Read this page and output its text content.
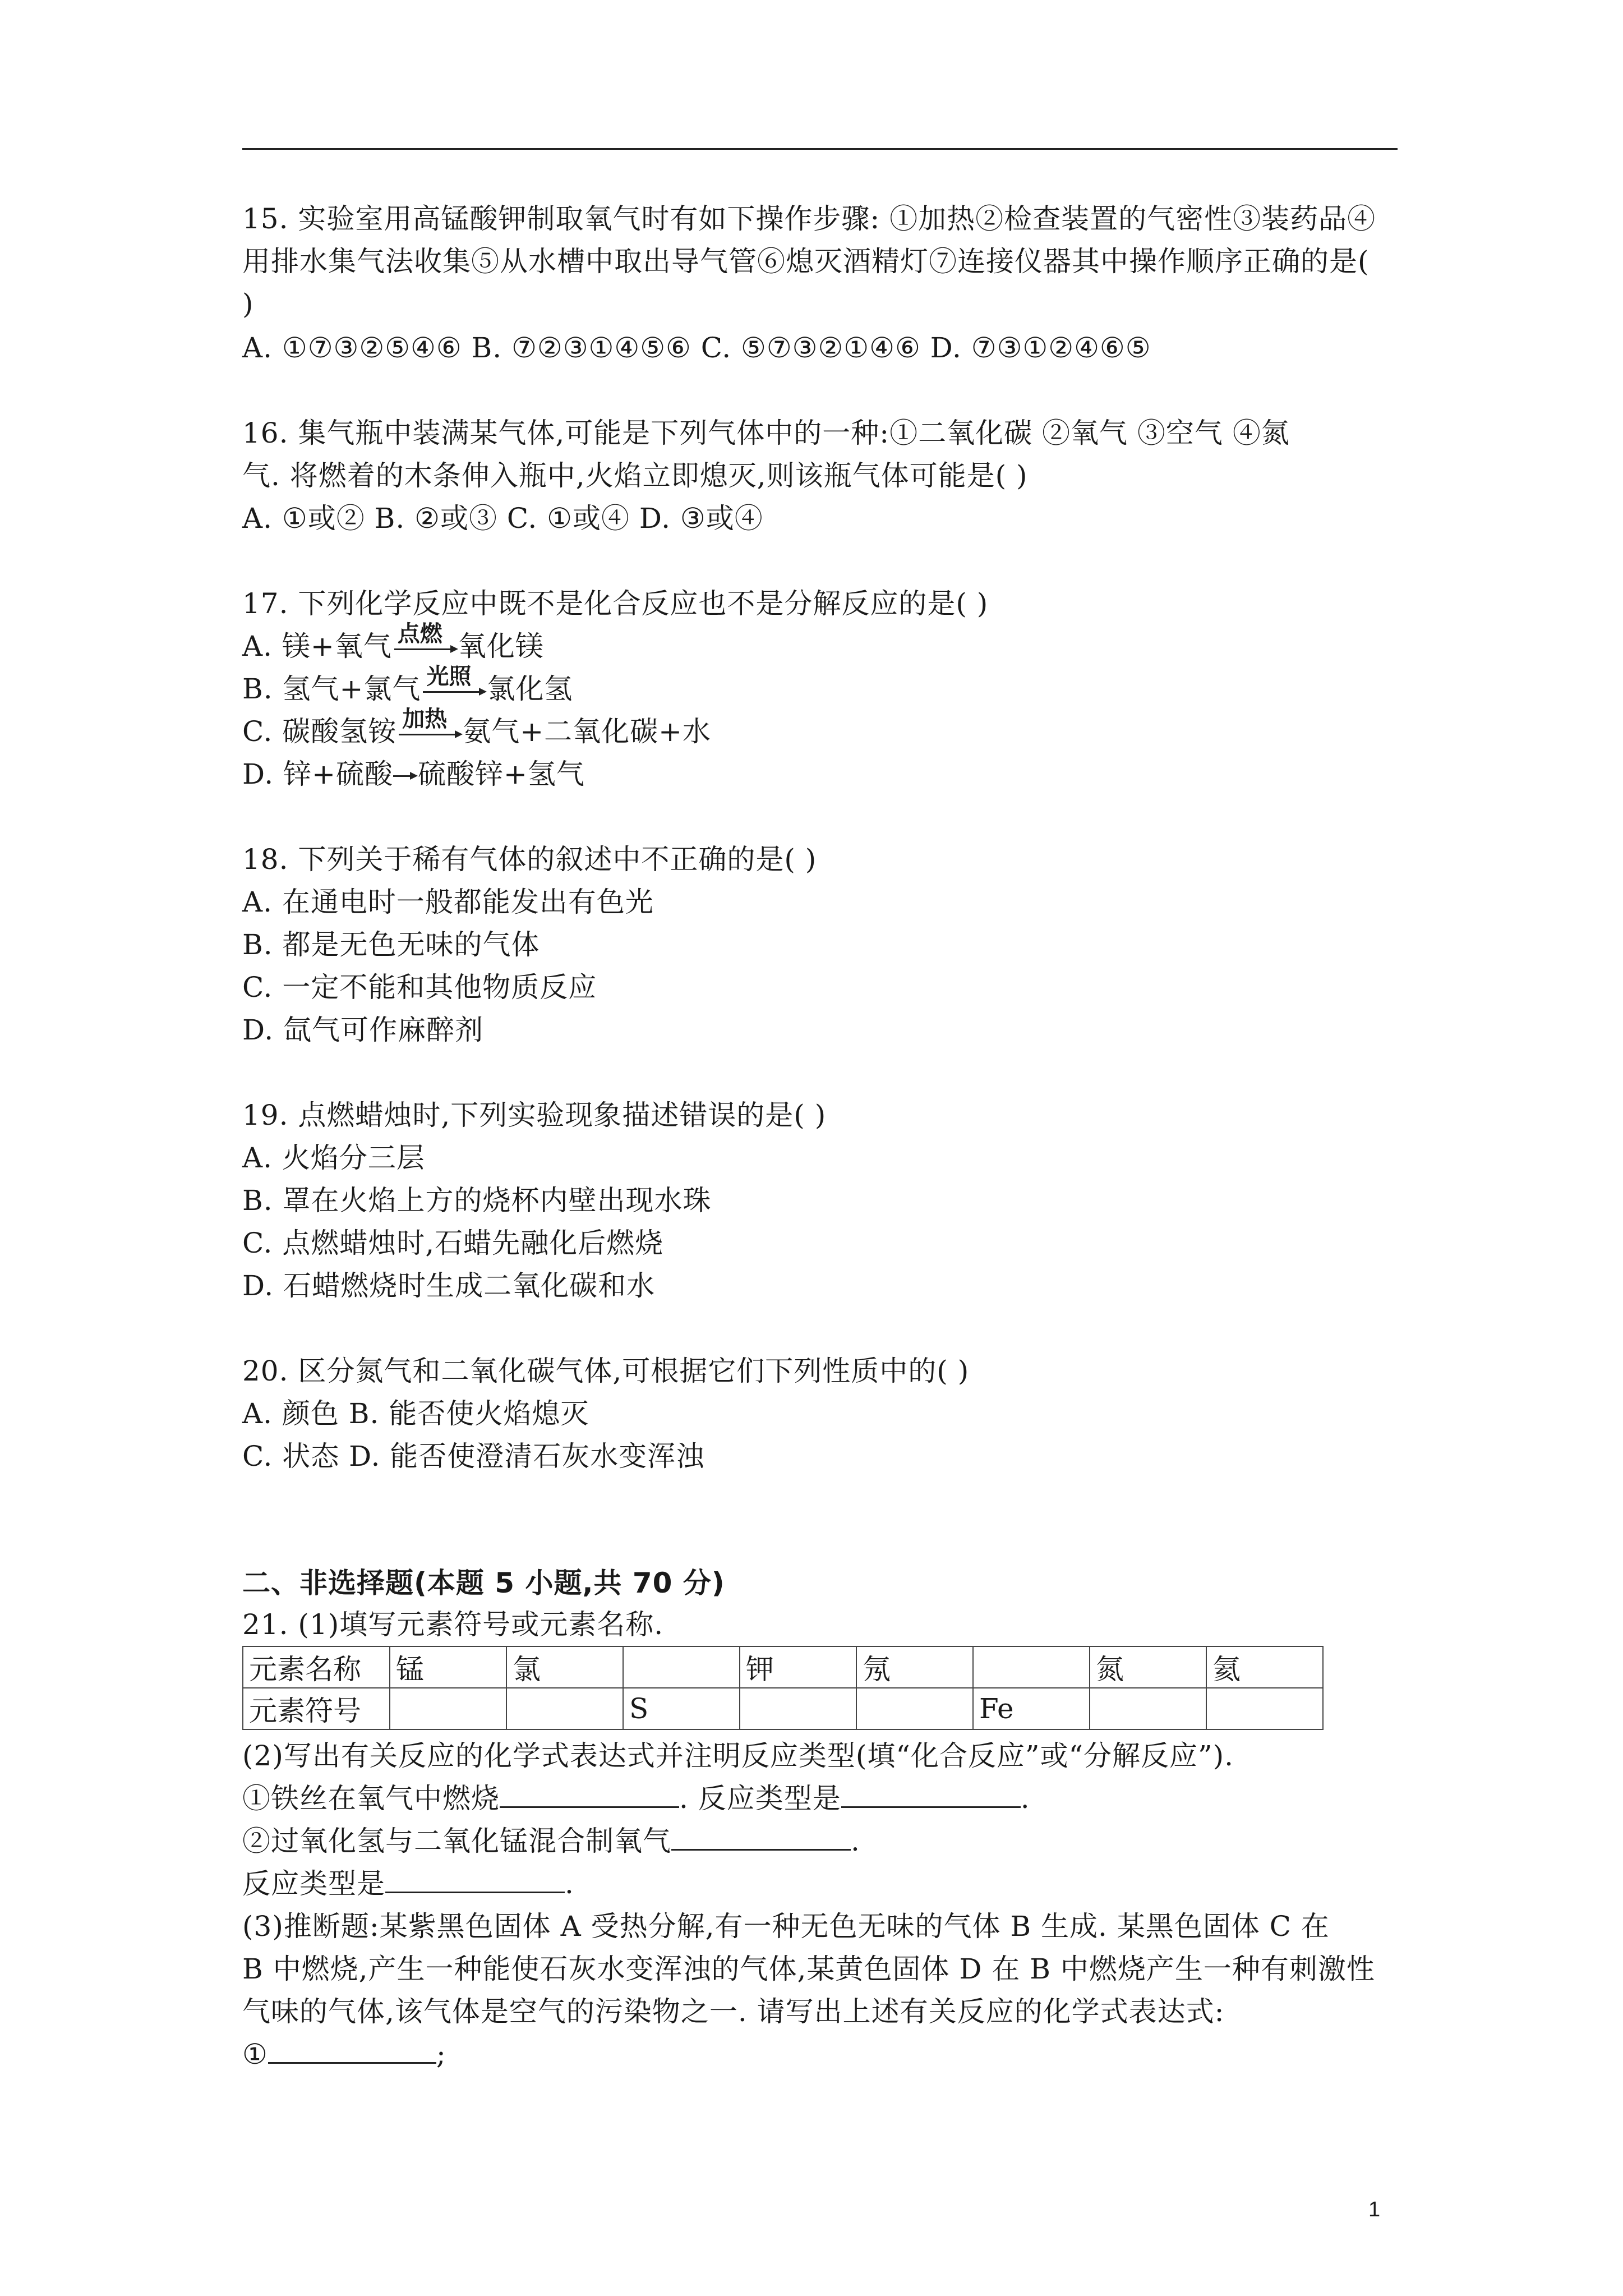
15. 实验室用高锰酸钾制取氧气时有如下操作步骤: ①加热②检查装置的气密性③装药品④
用排水集气法收集⑤从水槽中取出导气管⑥熄灭酒精灯⑦连接仪器其中操作顺序正确的是(
)
A. ①⑦③②⑤④⑥ B. ⑦②③①④⑤⑥ C. ⑤⑦③②①④⑥ D. ⑦③①②④⑥⑤
16. 集气瓶中装满某气体,可能是下列气体中的一种:①二氧化碳 ②氧气 ③空气 ④氮
气. 将燃着的木条伸入瓶中,火焰立即熄灭,则该瓶气体可能是( )
A. ①或② B. ②或③ C. ①或④ D. ③或④
17. 下列化学反应中既不是化合反应也不是分解反应的是( )
A. 镁+氧气 点燃 氧化镁
B. 氢气+氯气 光照 氯化氢
C. 碳酸氢铵 加热 氨气+二氧化碳+水
D. 锌+硫酸 硫酸锌+氢气
18. 下列关于稀有气体的叙述中不正确的是( )
A. 在通电时一般都能发出有色光
B. 都是无色无味的气体
C. 一定不能和其他物质反应
D. 氙气可作麻醉剂
19. 点燃蜡烛时,下列实验现象描述错误的是( )
A. 火焰分三层
B. 罩在火焰上方的烧杯内壁出现水珠
C. 点燃蜡烛时,石蜡先融化后燃烧
D. 石蜡燃烧时生成二氧化碳和水
20. 区分氮气和二氧化碳气体,可根据它们下列性质中的( )
A. 颜色 B. 能否使火焰熄灭
C. 状态 D. 能否使澄清石灰水变浑浊
二、非选择题(本题 5 小题,共 70 分)
21. (1)填写元素符号或元素名称.
元素名称	锰	氯		钾	氖		氮	氦
元素符号			S			Fe		
(2)写出有关反应的化学式表达式并注明反应类型(填“化合反应”或“分解反应”).
①铁丝在氧气中燃烧	. 反应类型是	.
②过氧化氢与二氧化锰混合制氧气	.
反应类型是	.
(3)推断题:某紫黑色固体 A 受热分解,有一种无色无味的气体 B 生成. 某黑色固体 C 在
B 中燃烧,产生一种能使石灰水变浑浊的气体,某黄色固体 D 在 B 中燃烧产生一种有刺激性
气味的气体,该气体是空气的污染物之一. 请写出上述有关反应的化学式表达式:
①	;
1
